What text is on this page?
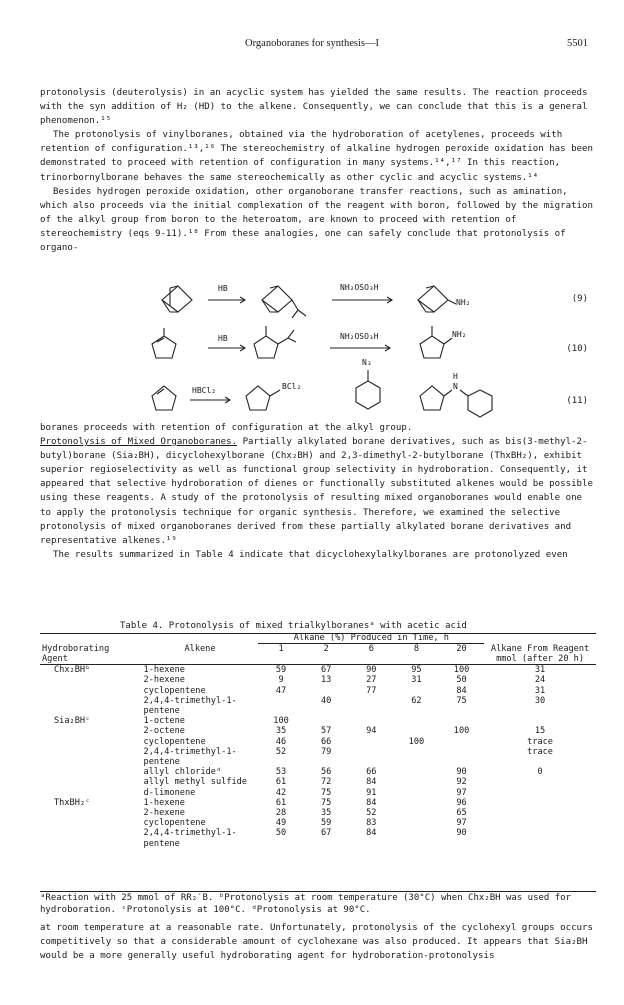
Organoboranes for synthesis—I	5501

protonolysis (deuterolysis) in an acyclic system has yielded the same results. The reaction proceeds with the syn addition of H₂ (HD) to the alkene. Consequently, we can conclude that this is a general phenomenon.¹⁵

The protonolysis of vinylboranes, obtained via the hydroboration of acetylenes, proceeds with retention of configuration.¹³,¹⁶ The stereochemistry of alkaline hydrogen peroxide oxidation has been demonstrated to proceed with retention of configuration in many systems.¹⁴,¹⁷ In this reaction, trinorbornylborane behaves the same stereochemically as other cyclic and acyclic systems.¹⁴

Besides hydrogen peroxide oxidation, other organoborane transfer reactions, such as amination, which also proceeds via the initial complexation of the reagent with boron, followed by the migration of the alkyl group from boron to the heteroatom, are known to proceed with retention of stereochemistry (eqs 9-11).¹⁸ From these analogies, one can safely conclude that protonolysis of organo-

HB	NH₂OSO₃H
NH₂	(9)
HB	NH₂OSO₃H	NH₂
(10)
HBCl₂	BCl₂
N₃
H
N
(11)

boranes proceeds with retention of configuration at the alkyl group.

Protonolysis of Mixed Organoboranes. Partially alkylated borane derivatives, such as bis(3-methyl-2-butyl)borane (Sia₂BH), dicyclohexylborane (Chx₂BH) and 2,3-dimethyl-2-butylborane (ThxBH₂), exhibit superior regioselectivity as well as functional group selectivity in hydroboration. Consequently, it appeared that selective hydroboration of dienes or functionally substituted alkenes would be possible using these reagents. A study of the protonolysis of resulting mixed organoboranes would enable one to apply the protonolysis technique for organic synthesis. Therefore, we examined the selective protonolysis of mixed organoboranes derived from these partially alkylated borane derivatives and representative alkenes.¹⁹

The results summarized in Table 4 indicate that dicyclohexylalkylboranes are protonolyzed even

Table 4. Protonolysis of mixed trialkylboranesᵃ with acetic acid
		Alkane (%) Produced in Time, h					
Hydroborating Agent	Alkene	1	2	6	8	20	Alkane From Reagent mmol (after 20 h)
Chx₂BHᵇ	1-hexene	59	67	90	95	100	31
	2-hexene	9	13	27	31	50	24
	cyclopentene	47		77		84	31
	2,4,4-trimethyl-1-pentene		40		62	75	30
Sia₂BHᶜ	1-octene	100					
	2-octene	35	57	94		100	15
	cyclopentene	46	66		100		trace
	2,4,4-trimethyl-1-pentene	52	79				trace
	allyl chlorideᵈ	53	56	66		90	0
	allyl methyl sulfide	61	72	84		92	
	d-limonene	42	75	91		97	
ThxBH₂ᶜ	1-hexene	61	75	84		96	
	2-hexene	28	35	52		65	
	cyclopentene	49	59	83		97	
	2,4,4-trimethyl-1-pentene	50	67	84		90	
ᵃReaction with 25 mmol of RR₂′B. ᵇProtonolysis at room temperature (30°C) when Chx₂BH was used for hydroboration. ᶜProtonolysis at 100°C. ᵈProtonolysis at 90°C.

at room temperature at a reasonable rate. Unfortunately, protonolysis of the cyclohexyl groups occurs competitively so that a considerable amount of cyclohexane was also produced. It appears that Sia₂BH would be a more generally useful hydroborating agent for hydroboration-protonolysis
